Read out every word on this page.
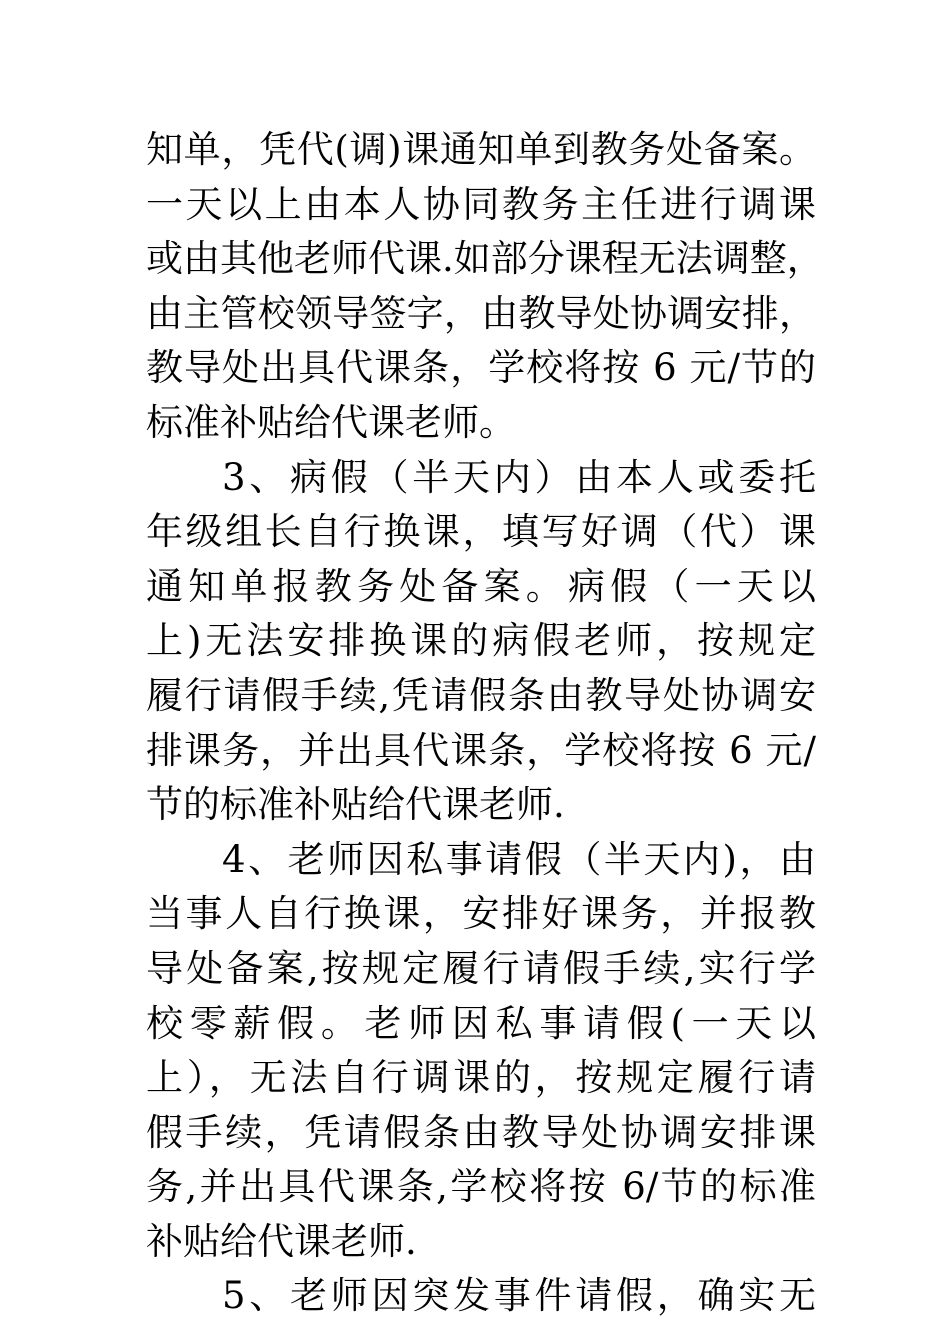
知单，凭代(调)课通知单到教务处备案。
一天以上由本人协同教务主任进行调课
或由其他老师代课.如部分课程无法调整，
由主管校领导签字，由教导处协调安排，
教导处出具代课条，学校将按 6 元/节的
标准补贴给代课老师。
3、病假（半天内）由本人或委托
年级组长自行换课，填写好调（代）课
通知单报教务处备案。病假（一天以
上)无法安排换课的病假老师，按规定
履行请假手续,凭请假条由教导处协调安
排课务，并出具代课条，学校将按 6 元/
节的标准补贴给代课老师.
4、老师因私事请假（半天内)，由
当事人自行换课，安排好课务，并报教
导处备案,按规定履行请假手续,实行学
校零薪假。老师因私事请假(一天以
上），无法自行调课的，按规定履行请
假手续，凭请假条由教导处协调安排课
务,并出具代课条,学校将按 6/节的标准
补贴给代课老师.
5、老师因突发事件请假，确实无
